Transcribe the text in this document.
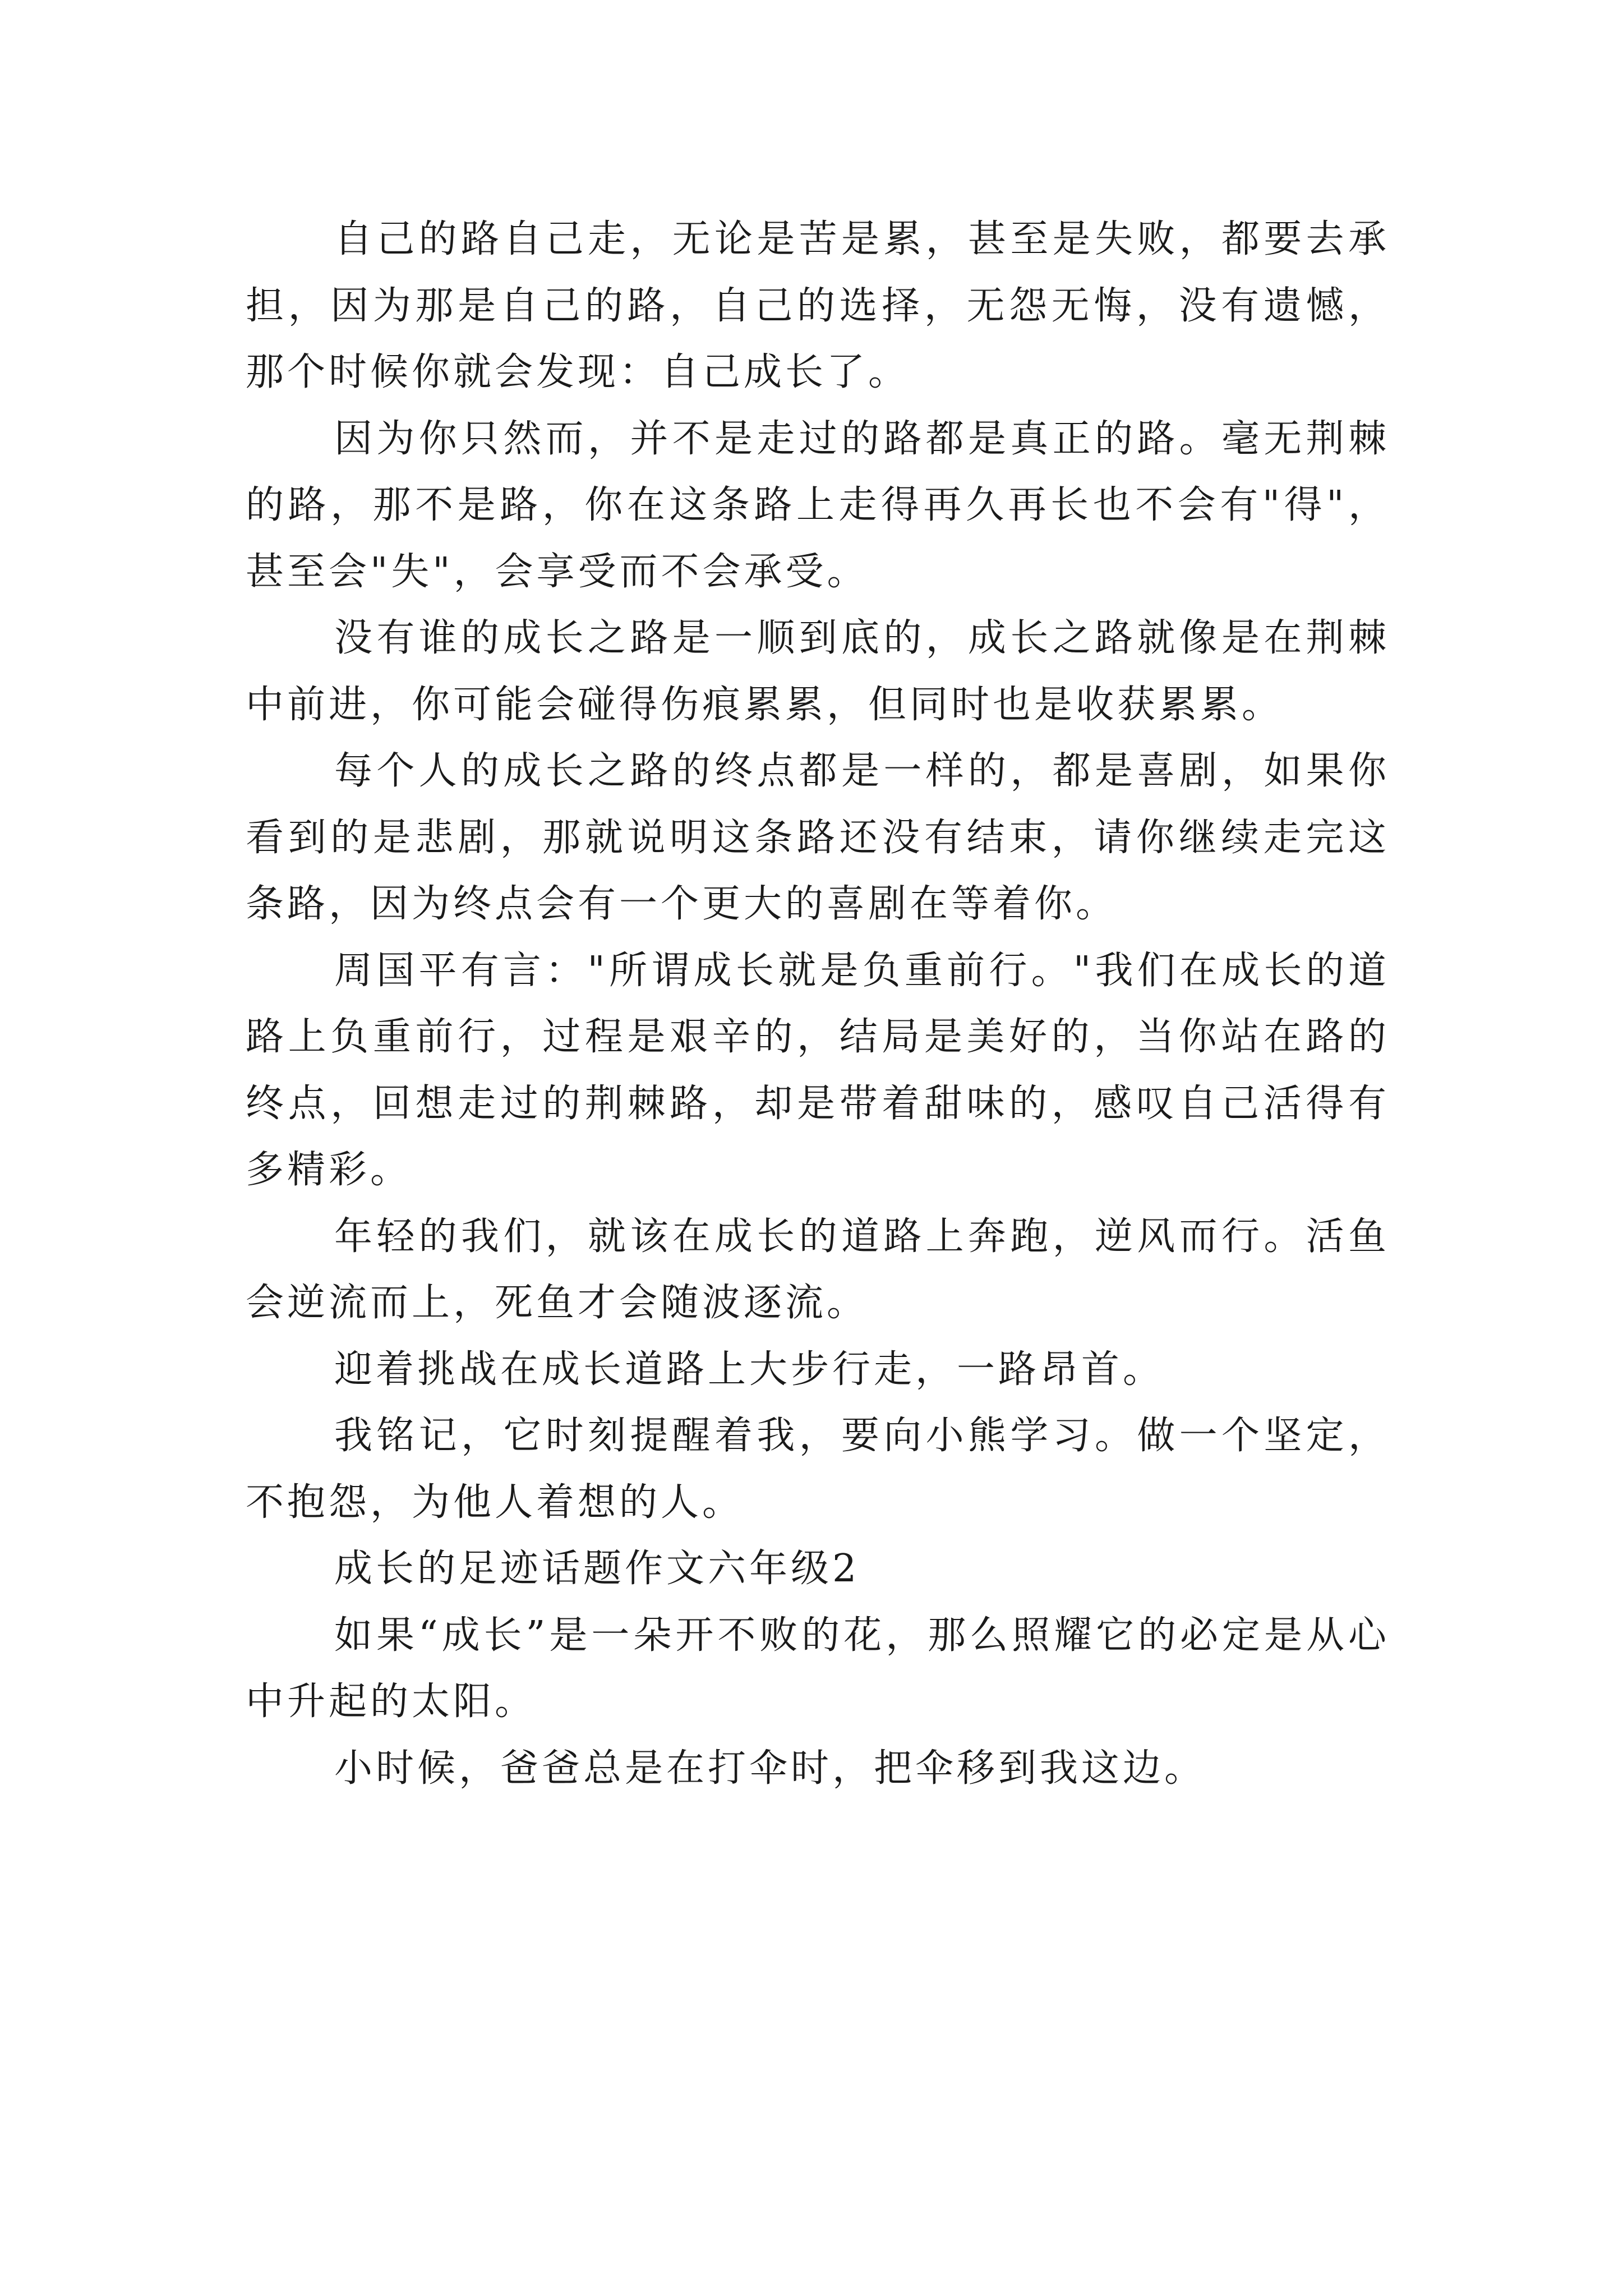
自己的路自己走，无论是苦是累，甚至是失败，都要去承担，因为那是自己的路，自己的选择，无怨无悔，没有遗憾，那个时候你就会发现：自己成长了。

因为你只然而，并不是走过的路都是真正的路。毫无荆棘的路，那不是路，你在这条路上走得再久再长也不会有"得"，甚至会"失"，会享受而不会承受。

没有谁的成长之路是一顺到底的，成长之路就像是在荆棘中前进，你可能会碰得伤痕累累，但同时也是收获累累。

每个人的成长之路的终点都是一样的，都是喜剧，如果你看到的是悲剧，那就说明这条路还没有结束，请你继续走完这条路，因为终点会有一个更大的喜剧在等着你。

周国平有言："所谓成长就是负重前行。"我们在成长的道路上负重前行，过程是艰辛的，结局是美好的，当你站在路的终点，回想走过的荆棘路，却是带着甜味的，感叹自己活得有多精彩。

年轻的我们，就该在成长的道路上奔跑，逆风而行。活鱼会逆流而上，死鱼才会随波逐流。

迎着挑战在成长道路上大步行走，一路昂首。

我铭记，它时刻提醒着我，要向小熊学习。做一个坚定，不抱怨，为他人着想的人。

成长的足迹话题作文六年级2

如果“成长”是一朵开不败的花，那么照耀它的必定是从心中升起的太阳。

小时候，爸爸总是在打伞时，把伞移到我这边。
